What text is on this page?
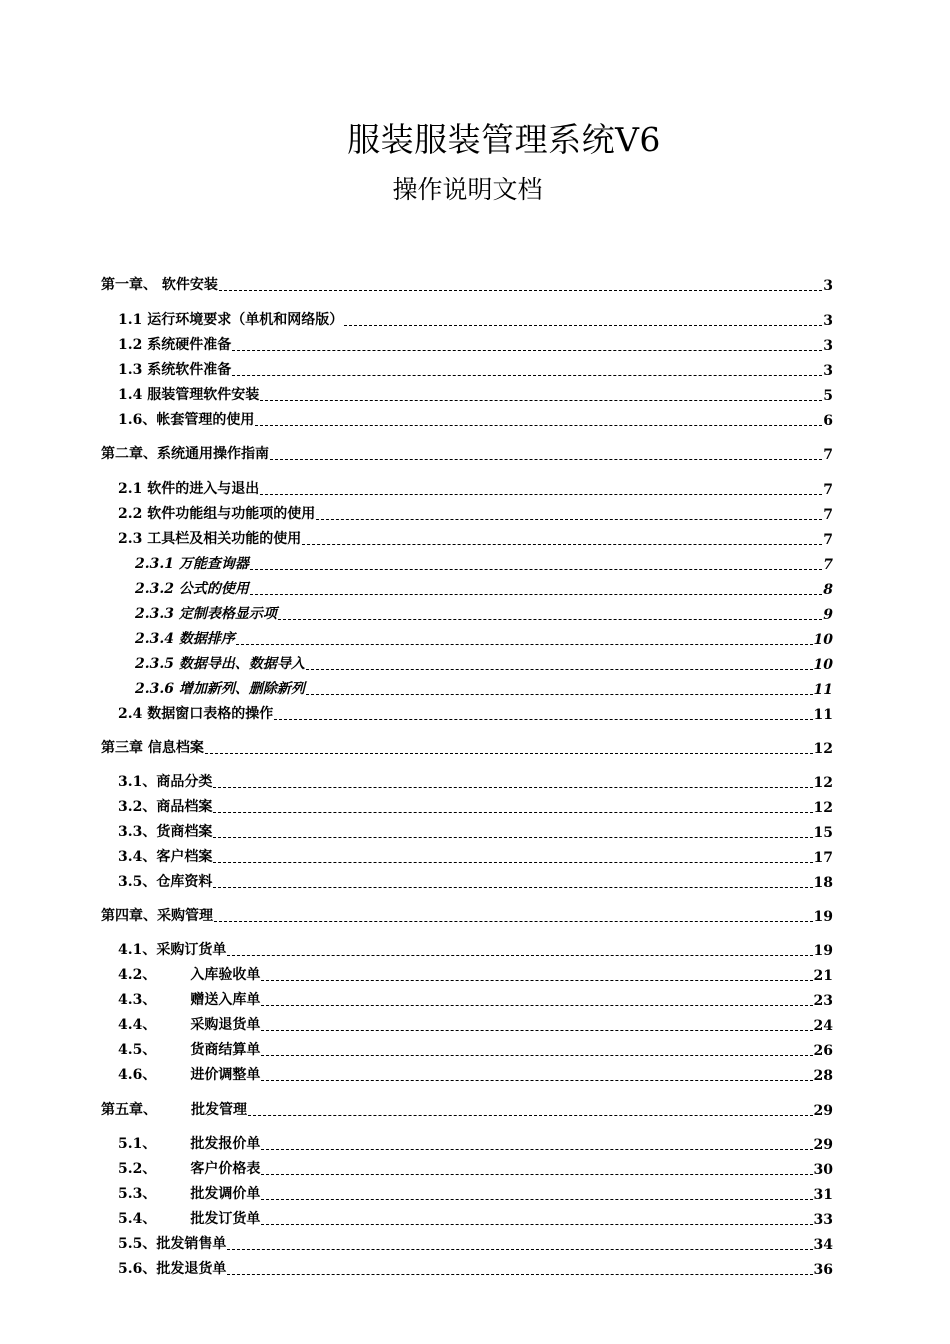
服装服装管理系统V6
操作说明文档
第一章、 软件安装	3
1.1 运行环境要求（单机和网络版）	3
1.2 系统硬件准备	3
1.3 系统软件准备	3
1.4 服装管理软件安装	5
1.6、帐套管理的使用	6
第二章、系统通用操作指南	7
2.1 软件的进入与退出	7
2.2 软件功能组与功能项的使用	7
2.3 工具栏及相关功能的使用	7
2.3.1 万能查询器	7
2.3.2 公式的使用	8
2.3.3 定制表格显示项	9
2.3.4 数据排序	10
2.3.5 数据导出、数据导入	10
2.3.6 增加新列、删除新列	11
2.4 数据窗口表格的操作	11
第三章 信息档案	12
3.1、商品分类	12
3.2、商品档案	12
3.3、货商档案	15
3.4、客户档案	17
3.5、仓库资料	18
第四章、采购管理	19
4.1、采购订货单	19
4.2、 入库验收单	21
4.3、 赠送入库单	23
4.4、 采购退货单	24
4.5、 货商结算单	26
4.6、 进价调整单	28
第五章、 批发管理	29
5.1、 批发报价单	29
5.2、 客户价格表	30
5.3、 批发调价单	31
5.4、 批发订货单	33
5.5、批发销售单	34
5.6、批发退货单	36
